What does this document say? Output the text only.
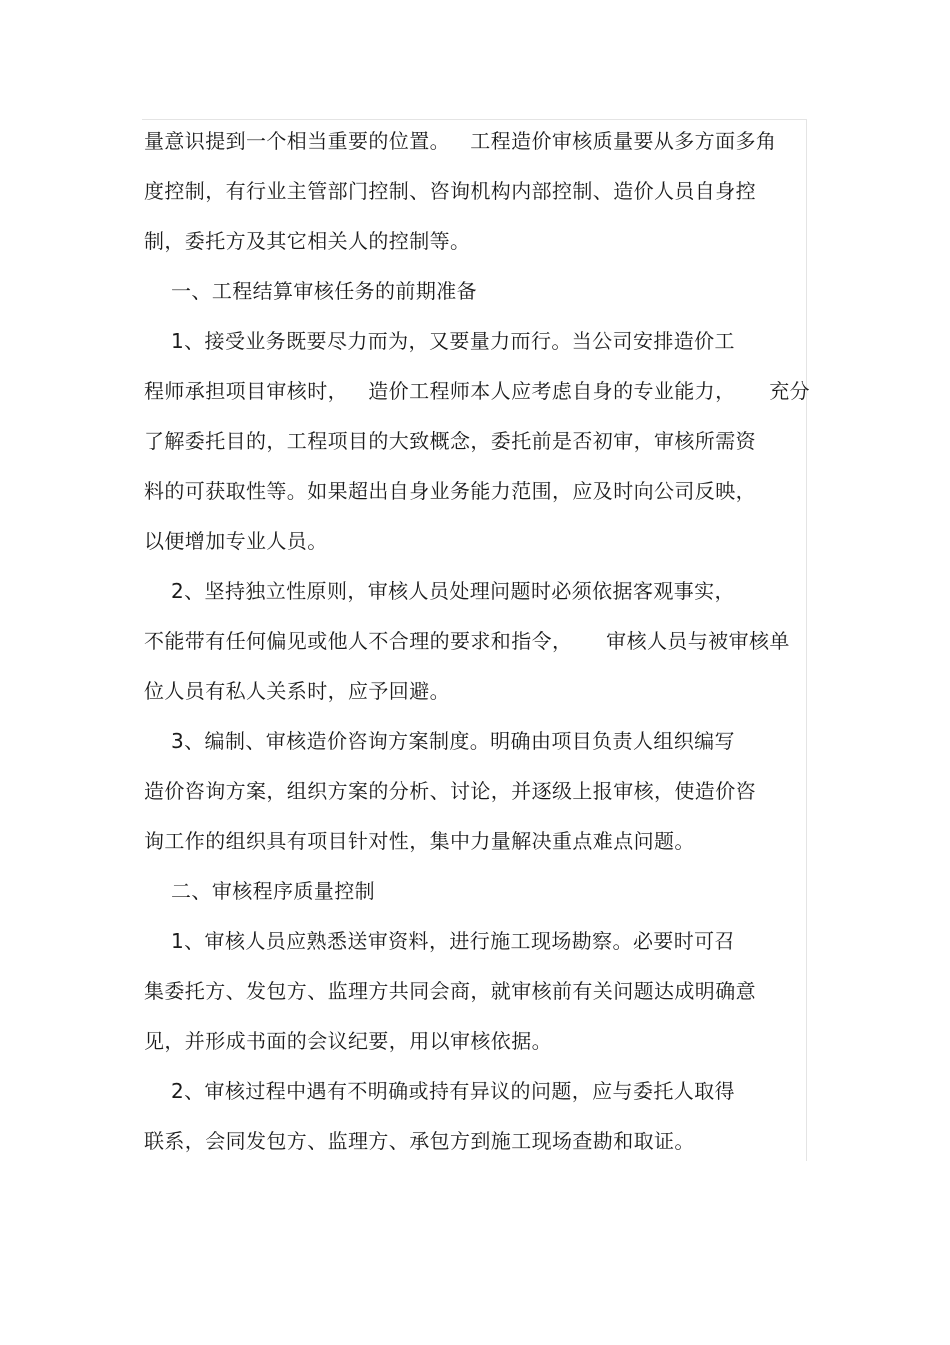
量意识提到一个相当重要的位置。   工程造价审核质量要从多方面多角

度控制，有行业主管部门控制、咨询机构内部控制、造价人员自身控

制，委托方及其它相关人的控制等。

一、工程结算审核任务的前期准备

1、接受业务既要尽力而为，又要量力而行。当公司安排造价工

程师承担项目审核时，   造价工程师本人应考虑自身的专业能力，     充分

了解委托目的，工程项目的大致概念，委托前是否初审，审核所需资

料的可获取性等。如果超出自身业务能力范围，应及时向公司反映，

以便增加专业人员。

2、坚持独立性原则，审核人员处理问题时必须依据客观事实，

不能带有任何偏见或他人不合理的要求和指令，     审核人员与被审核单

位人员有私人关系时，应予回避。

3、编制、审核造价咨询方案制度。明确由项目负责人组织编写

造价咨询方案，组织方案的分析、讨论，并逐级上报审核，使造价咨

询工作的组织具有项目针对性，集中力量解决重点难点问题。

二、审核程序质量控制

1、审核人员应熟悉送审资料，进行施工现场勘察。必要时可召

集委托方、发包方、监理方共同会商，就审核前有关问题达成明确意

见，并形成书面的会议纪要，用以审核依据。

2、审核过程中遇有不明确或持有异议的问题，应与委托人取得

联系，会同发包方、监理方、承包方到施工现场查勘和取证。
